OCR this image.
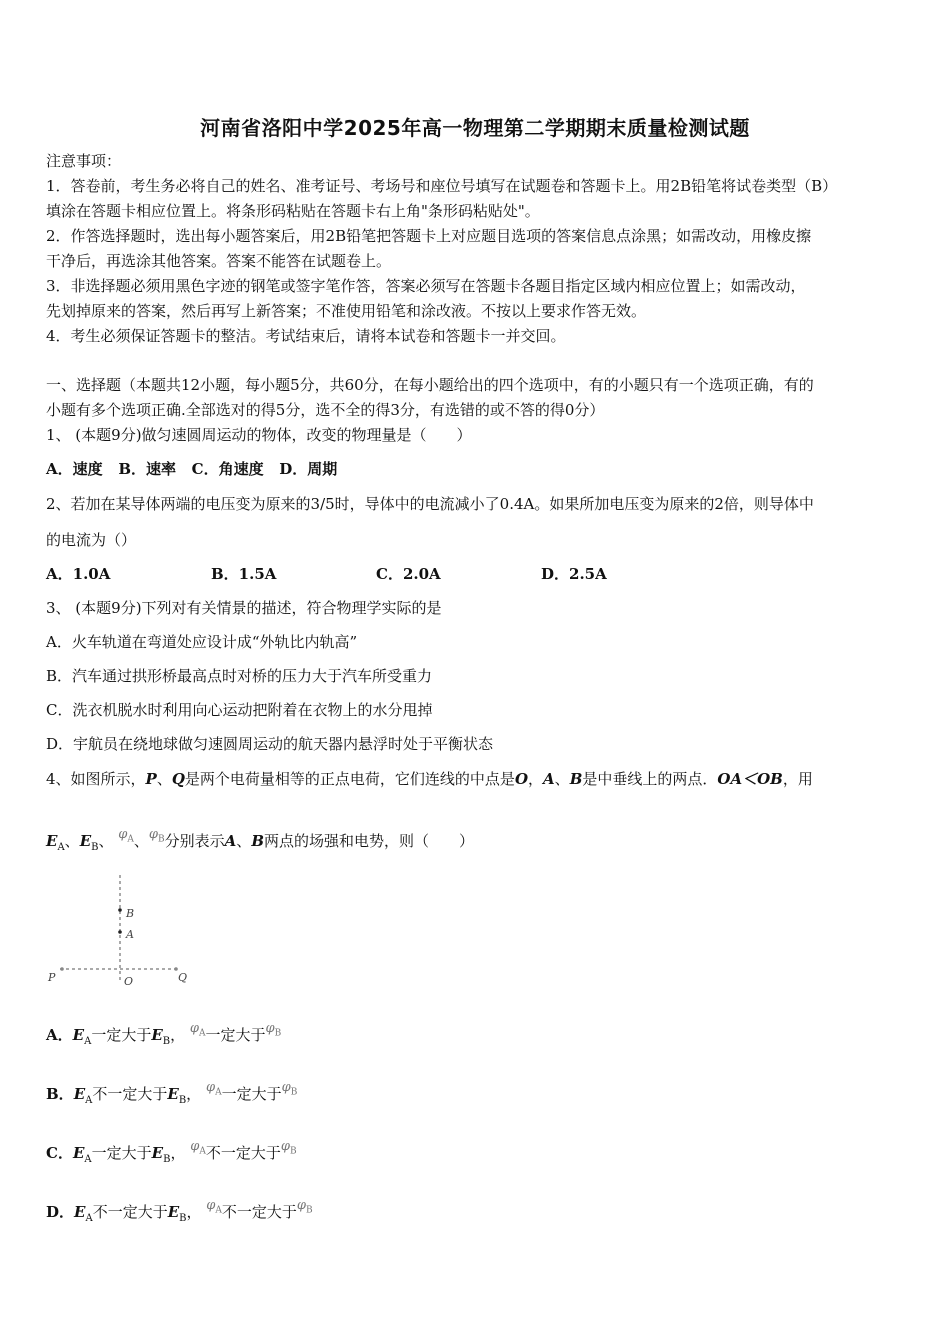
河南省洛阳中学2025年高一物理第二学期期末质量检测试题
注意事项：
1．答卷前，考生务必将自己的姓名、准考证号、考场号和座位号填写在试题卷和答题卡上。用2B铅笔将试卷类型（B）
填涂在答题卡相应位置上。将条形码粘贴在答题卡右上角"条形码粘贴处"。
2．作答选择题时，选出每小题答案后，用2B铅笔把答题卡上对应题目选项的答案信息点涂黑；如需改动，用橡皮擦
干净后，再选涂其他答案。答案不能答在试题卷上。
3．非选择题必须用黑色字迹的钢笔或签字笔作答，答案必须写在答题卡各题目指定区域内相应位置上；如需改动，
先划掉原来的答案，然后再写上新答案；不准使用铅笔和涂改液。不按以上要求作答无效。
4．考生必须保证答题卡的整洁。考试结束后，请将本试卷和答题卡一并交回。
一、选择题（本题共12小题，每小题5分，共60分，在每小题给出的四个选项中，有的小题只有一个选项正确，有的
小题有多个选项正确.全部选对的得5分，选不全的得3分，有选错的或不答的得0分）
1、 (本题9分)做匀速圆周运动的物体，改变的物理量是（　　）
A．速度 B．速率 C．角速度 D．周期
2、若加在某导体两端的电压变为原来的3/5时，导体中的电流减小了0.4A。如果所加电压变为原来的2倍，则导体中
的电流为（）
A．1.0A	B．1.5A	C．2.0A	D．2.5A
3、 (本题9分)下列对有关情景的描述，符合物理学实际的是
A．火车轨道在弯道处应设计成“外轨比内轨高”
B．汽车通过拱形桥最高点时对桥的压力大于汽车所受重力
C．洗衣机脱水时利用向心运动把附着在衣物上的水分甩掉
D．宇航员在绕地球做匀速圆周运动的航天器内悬浮时处于平衡状态
4、如图所示，P、Q是两个电荷量相等的正点电荷，它们连线的中点是O，A、B是中垂线上的两点．OA＜OB，用
$E_A$、$E_B$、 $\varphi_A$、$\varphi_B$分别表示A、B两点的场强和电势，则（　　）
B
A
P	O	Q
A．$E_A$一定大于$E_B$， $\varphi_A$一定大于$\varphi_B$
B．$E_A$不一定大于$E_B$， $\varphi_A$一定大于$\varphi_B$
C．$E_A$一定大于$E_B$， $\varphi_A$不一定大于$\varphi_B$
D．$E_A$不一定大于$E_B$， $\varphi_A$不一定大于$\varphi_B$
